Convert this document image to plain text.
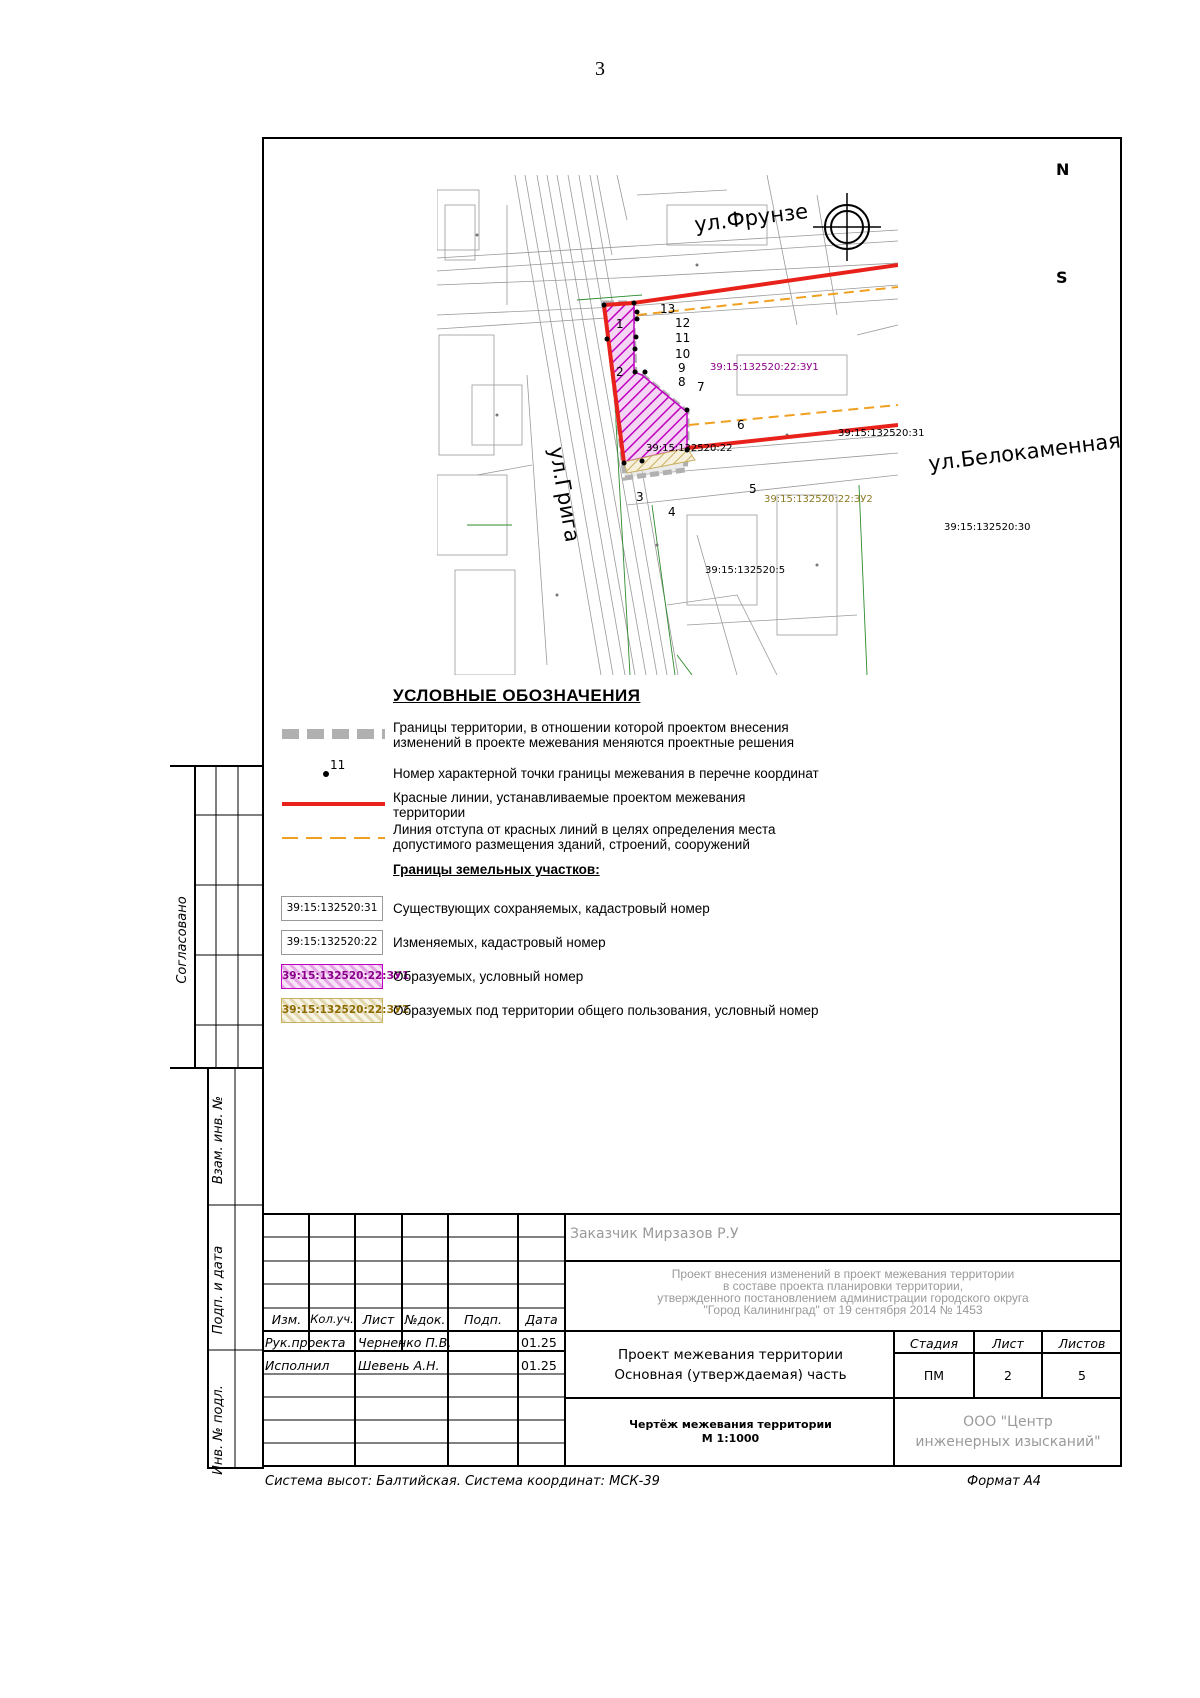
3
N
S
ул.Фрунзе
ул.Грига	ул.Белокаменная
39:15:132520:22:ЗУ1
39:15:132520:22
39:15:132520:31
39:15:132520:22:ЗУ2
39:15:132520:30
39:15:132520:5
13
12
11
10
9
8 7
6
5
4
3
2
1
УСЛОВНЫЕ ОБОЗНАЧЕНИЯ
11
Границы территории, в отношении которой проектом внесения изменений в проекте межевания меняются проектные решения
Номер характерной точки границы межевания в перечне координат
Красные линии, устанавливаемые проектом межевания территории
Линия отступа от красных линий в целях определения места допустимого размещения зданий, строений, сооружений
Границы земельных участков:
39:15:132520:31	Существующих сохраняемых, кадастровый номер
39:15:132520:22	Изменяемых, кадастровый номер
39:15:132520:22:ЗУ1
Образуемых, условный номер
39:15:132520:22:ЗУ2
Образуемых под территории общего пользования, условный номер
Согласовано
Взам. инв. №
Подп. и дата
Инв. № подл.
Изм. Кол.уч. Лист №док.	Подп.	Дата
Рук.проекта Черненко П.В.	01.25
Исполнил Шевень А.Н.	01.25
Заказчик Мирзазов Р.У
Проект внесения изменений в проект межевания территории
в составе проекта планировки территории,
утвержденного постановлением администрации городского округа
"Город Калининград" от 19 сентября 2014 № 1453
Проект межевания территории
Основная (утверждаемая) часть
Стадия	Лист	Листов
ПМ	2	5
Чертёж межевания территории
М 1:1000
ООО "Центр
инженерных изысканий"
Система высот: Балтийская. Система координат: МСК-39	Формат А4
